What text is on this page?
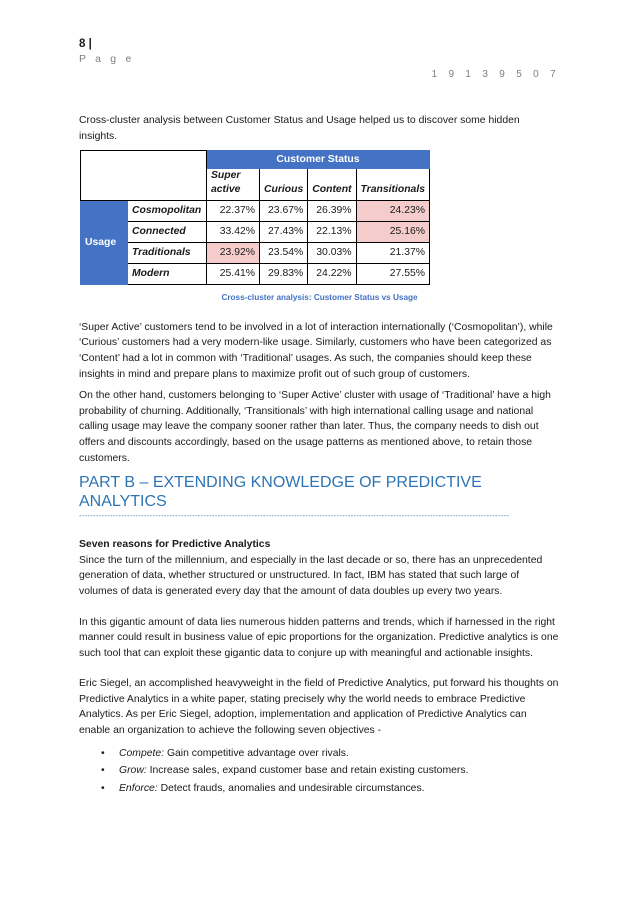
8 |
P a g e
1 9 1 3 9 5 0 7

Cross-cluster analysis between Customer Status and Usage helped us to discover some hidden insights.

		Customer Status			
		Super active	Curious	Content	Transitionals
Usage	Cosmopolitan	22.37%	23.67%	26.39%	24.23%
	Connected	33.42%	27.43%	22.13%	25.16%
	Traditionals	23.92%	23.54%	30.03%	21.37%
	Modern	25.41%	29.83%	24.22%	27.55%
Cross-cluster analysis: Customer Status vs Usage

‘Super Active’ customers tend to be involved in a lot of interaction internationally (‘Cosmopolitan’), while ‘Curious’ customers had a very modern-like usage. Similarly, customers who have been categorized as ‘Content’ had a lot in common with ‘Traditional’ usages. As such, the companies should keep these insights in mind and prepare plans to maximize profit out of such group of customers.

On the other hand, customers belonging to ‘Super Active’ cluster with usage of ‘Traditional’ have a high probability of churning. Additionally, ‘Transitionals’ with high international calling usage and national calling usage may leave the company sooner rather than later. Thus, the company needs to dish out offers and discounts accordingly, based on the usage patterns as mentioned above, to retain those customers.

PART B – EXTENDING KNOWLEDGE OF PREDICTIVE ANALYTICS
--------------------------------------------------------------------------------------------------------------------------------------------------------

Seven reasons for Predictive Analytics

Since the turn of the millennium, and especially in the last decade or so, there has an unprecedented generation of data, whether structured or unstructured. In fact, IBM has stated that such large of volumes of data is generated every day that the amount of data doubles up every two years.

In this gigantic amount of data lies numerous hidden patterns and trends, which if harnessed in the right manner could result in business value of epic proportions for the organization. Predictive analytics is one such tool that can exploit these gigantic data to conjure up with meaningful and actionable insights.

Eric Siegel, an accomplished heavyweight in the field of Predictive Analytics, put forward his thoughts on Predictive Analytics in a white paper, stating precisely why the world needs to embrace Predictive Analytics. As per Eric Siegel, adoption, implementation and application of Predictive Analytics can enable an organization to achieve the following seven objectives -

• Compete: Gain competitive advantage over rivals.
• Grow: Increase sales, expand customer base and retain existing customers.
• Enforce: Detect frauds, anomalies and undesirable circumstances.
